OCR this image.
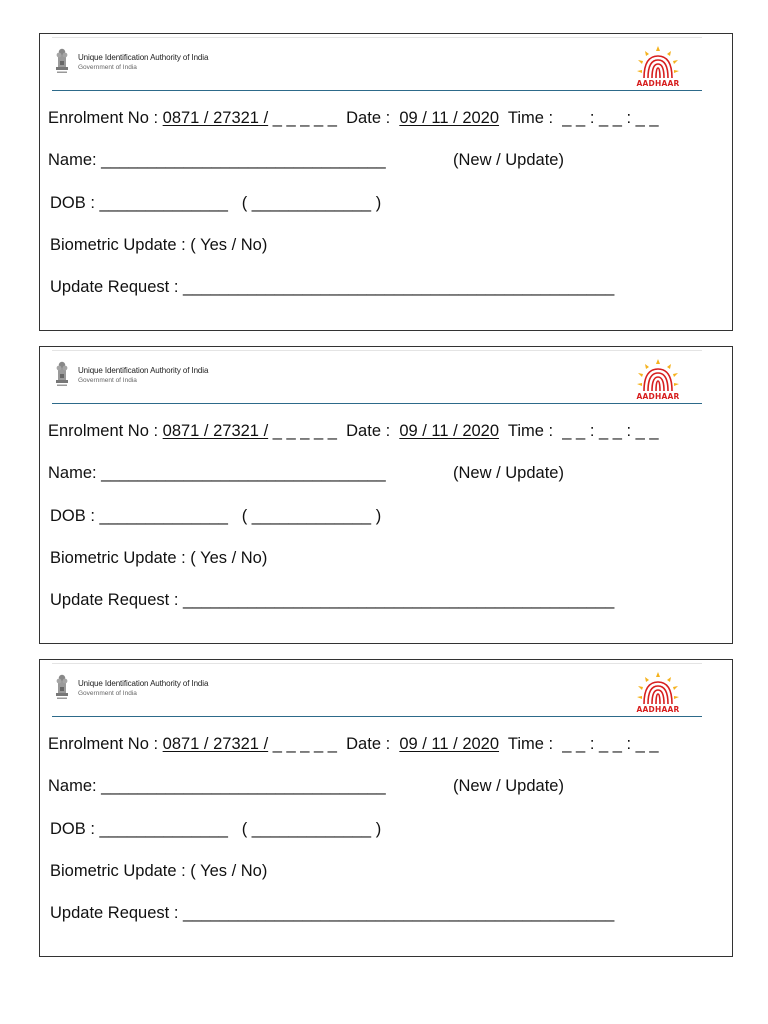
Unique Identification Authority of India
Government of India
AADHAAR
Enrolment No : 0871 / 27321 / _ _ _ _ _  Date :  09 / 11 / 2020  Time :  _ _ : _ _ : _ _
Name: _______________________________	(New / Update)
DOB : ______________   ( _____________ )
Biometric Update : ( Yes / No)
Update Request : _______________________________________________
Unique Identification Authority of India
Government of India
AADHAAR
Enrolment No : 0871 / 27321 / _ _ _ _ _  Date :  09 / 11 / 2020  Time :  _ _ : _ _ : _ _
Name: _______________________________	(New / Update)
DOB : ______________   ( _____________ )
Biometric Update : ( Yes / No)
Update Request : _______________________________________________
Unique Identification Authority of India
Government of India
AADHAAR
Enrolment No : 0871 / 27321 / _ _ _ _ _  Date :  09 / 11 / 2020  Time :  _ _ : _ _ : _ _
Name: _______________________________	(New / Update)
DOB : ______________   ( _____________ )
Biometric Update : ( Yes / No)
Update Request : _______________________________________________
